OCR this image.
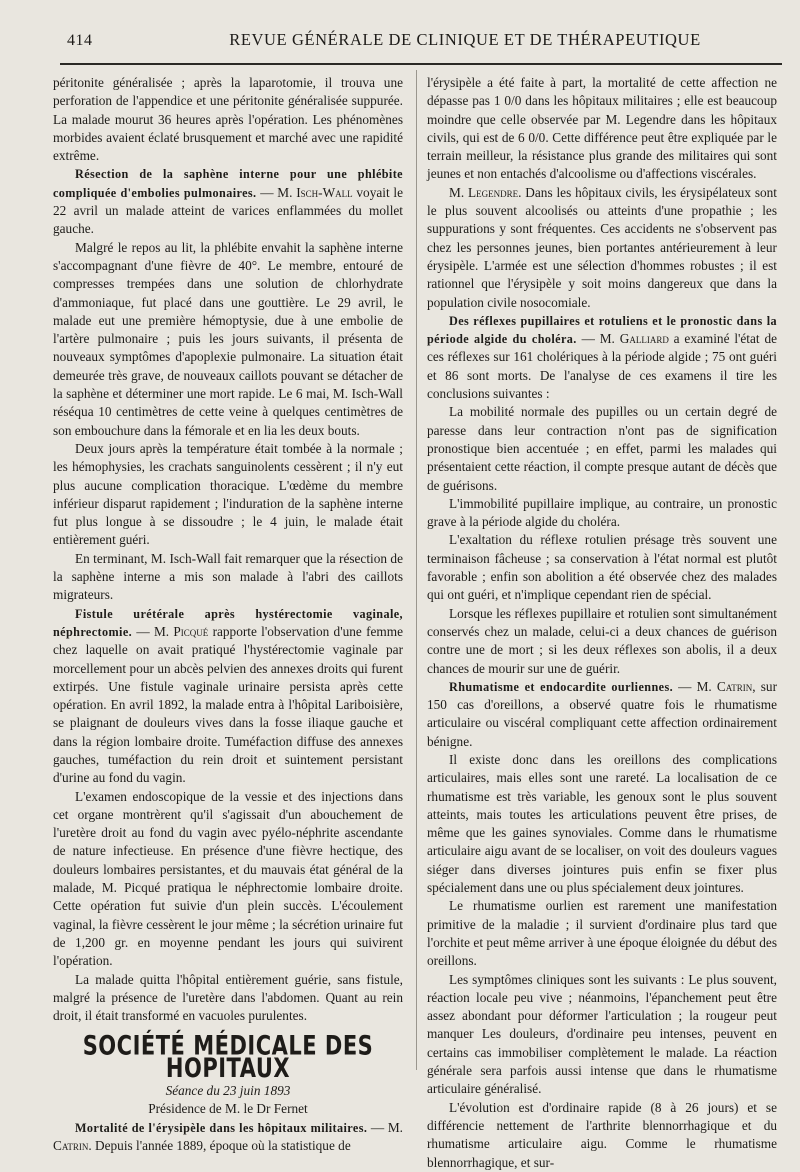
414	REVUE GÉNÉRALE DE CLINIQUE ET DE THÉRAPEUTIQUE

péritonite généralisée ; après la laparotomie, il trouva une perforation de l'appendice et une péritonite généralisée suppurée. La malade mourut 36 heures après l'opération. Les phénomènes morbides avaient éclaté brusquement et marché avec une rapidité extrême.

Résection de la saphène interne pour une phlébite compliquée d'embolies pulmonaires. — M. Isch-Wall voyait le 22 avril un malade atteint de varices enflammées du mollet gauche.

Malgré le repos au lit, la phlébite envahit la saphène interne s'accompagnant d'une fièvre de 40°. Le membre, entouré de compresses trempées dans une solution de chlorhydrate d'ammoniaque, fut placé dans une gouttière. Le 29 avril, le malade eut une première hémoptysie, due à une embolie de l'artère pulmonaire ; puis les jours suivants, il présenta de nouveaux symptômes d'apoplexie pulmonaire. La situation était demeurée très grave, de nouveaux caillots pouvant se détacher de la saphène et déterminer une mort rapide. Le 6 mai, M. Isch-Wall réséqua 10 centimètres de cette veine à quelques centimètres de son embouchure dans la fémorale et en lia les deux bouts.

Deux jours après la température était tombée à la normale ; les hémophysies, les crachats sanguinolents cessèrent ; il n'y eut plus aucune complication thoracique. L'œdème du membre inférieur disparut rapidement ; l'induration de la saphène interne fut plus longue à se dissoudre ; le 4 juin, le malade était entièrement guéri.

En terminant, M. Isch-Wall fait remarquer que la résection de la saphène interne a mis son malade à l'abri des caillots migrateurs.

Fistule urétérale après hystérectomie vaginale, néphrectomie. — M. Picqué rapporte l'observation d'une femme chez laquelle on avait pratiqué l'hystérectomie vaginale par morcellement pour un abcès pelvien des annexes droits qui furent extirpés. Une fistule vaginale urinaire persista après cette opération. En avril 1892, la malade entra à l'hôpital Lariboisière, se plaignant de douleurs vives dans la fosse iliaque gauche et dans la région lombaire droite. Tuméfaction diffuse des annexes gauches, tuméfaction du rein droit et suintement persistant d'urine au fond du vagin.

L'examen endoscopique de la vessie et des injections dans cet organe montrèrent qu'il s'agissait d'un abouchement de l'uretère droit au fond du vagin avec pyélo-néphrite ascendante de nature infectieuse. En présence d'une fièvre hectique, des douleurs lombaires persistantes, et du mauvais état général de la malade, M. Picqué pratiqua le néphrectomie lombaire droite. Cette opération fut suivie d'un plein succès. L'écoulement vaginal, la fièvre cessèrent le jour même ; la sécrétion urinaire fut de 1,200 gr. en moyenne pendant les jours qui suivirent l'opération.

La malade quitta l'hôpital entièrement guérie, sans fistule, malgré la présence de l'uretère dans l'abdomen. Quant au rein droit, il était transformé en vacuoles purulentes.

SOCIÉTÉ MÉDICALE DES HOPITAUX

Séance du 23 juin 1893

Présidence de M. le Dr Fernet

Mortalité de l'érysipèle dans les hôpitaux militaires. — M. Catrin. Depuis l'année 1889, époque où la statistique de

l'érysipèle a été faite à part, la mortalité de cette affection ne dépasse pas 1 0/0 dans les hôpitaux militaires ; elle est beaucoup moindre que celle observée par M. Legendre dans les hôpitaux civils, qui est de 6 0/0. Cette différence peut être expliquée par le terrain meilleur, la résistance plus grande des militaires qui sont jeunes et non entachés d'alcoolisme ou d'affections viscérales.

M. Legendre. Dans les hôpitaux civils, les érysipélateux sont le plus souvent alcoolisés ou atteints d'une propathie ; les suppurations y sont fréquentes. Ces accidents ne s'observent pas chez les personnes jeunes, bien portantes antérieurement à leur érysipèle. L'armée est une sélection d'hommes robustes ; il est rationnel que l'érysipèle y soit moins dangereux que dans la population civile nosocomiale.

Des réflexes pupillaires et rotuliens et le pronostic dans la période algide du choléra. — M. Galliard a examiné l'état de ces réflexes sur 161 cholériques à la période algide ; 75 ont guéri et 86 sont morts. De l'analyse de ces examens il tire les conclusions suivantes :

La mobilité normale des pupilles ou un certain degré de paresse dans leur contraction n'ont pas de signification pronostique bien accentuée ; en effet, parmi les malades qui présentaient cette réaction, il compte presque autant de décès que de guérisons.

L'immobilité pupillaire implique, au contraire, un pronostic grave à la période algide du choléra.

L'exaltation du réflexe rotulien présage très souvent une terminaison fâcheuse ; sa conservation à l'état normal est plutôt favorable ; enfin son abolition a été observée chez des malades qui ont guéri, et n'implique cependant rien de spécial.

Lorsque les réflexes pupillaire et rotulien sont simultanément conservés chez un malade, celui-ci a deux chances de guérison contre une de mort ; si les deux réflexes son abolis, il a deux chances de mourir sur une de guérir.

Rhumatisme et endocardite ourliennes. — M. Catrin, sur 150 cas d'oreillons, a observé quatre fois le rhumatisme articulaire ou viscéral compliquant cette affection ordinairement bénigne.

Il existe donc dans les oreillons des complications articulaires, mais elles sont une rareté. La localisation de ce rhumatisme est très variable, les genoux sont le plus souvent atteints, mais toutes les articulations peuvent être prises, de même que les gaines synoviales. Comme dans le rhumatisme articulaire aigu avant de se localiser, on voit des douleurs vagues siéger dans diverses jointures puis enfin se fixer plus spécialement dans une ou plus spécialement deux jointures.

Le rhumatisme ourlien est rarement une manifestation primitive de la maladie ; il survient d'ordinaire plus tard que l'orchite et peut même arriver à une époque éloignée du début des oreillons.

Les symptômes cliniques sont les suivants : Le plus souvent, réaction locale peu vive ; néanmoins, l'épanchement peut être assez abondant pour déformer l'articulation ; la rougeur peut manquer Les douleurs, d'ordinaire peu intenses, peuvent en certains cas immobiliser complètement le malade. La réaction générale sera parfois aussi intense que dans le rhumatisme articulaire généralisé.

L'évolution est d'ordinaire rapide (8 à 26 jours) et se différencie nettement de l'arthrite blennorrhagique et du rhumatisme articulaire aigu. Comme le rhumatisme blennorrhagique, et sur-
